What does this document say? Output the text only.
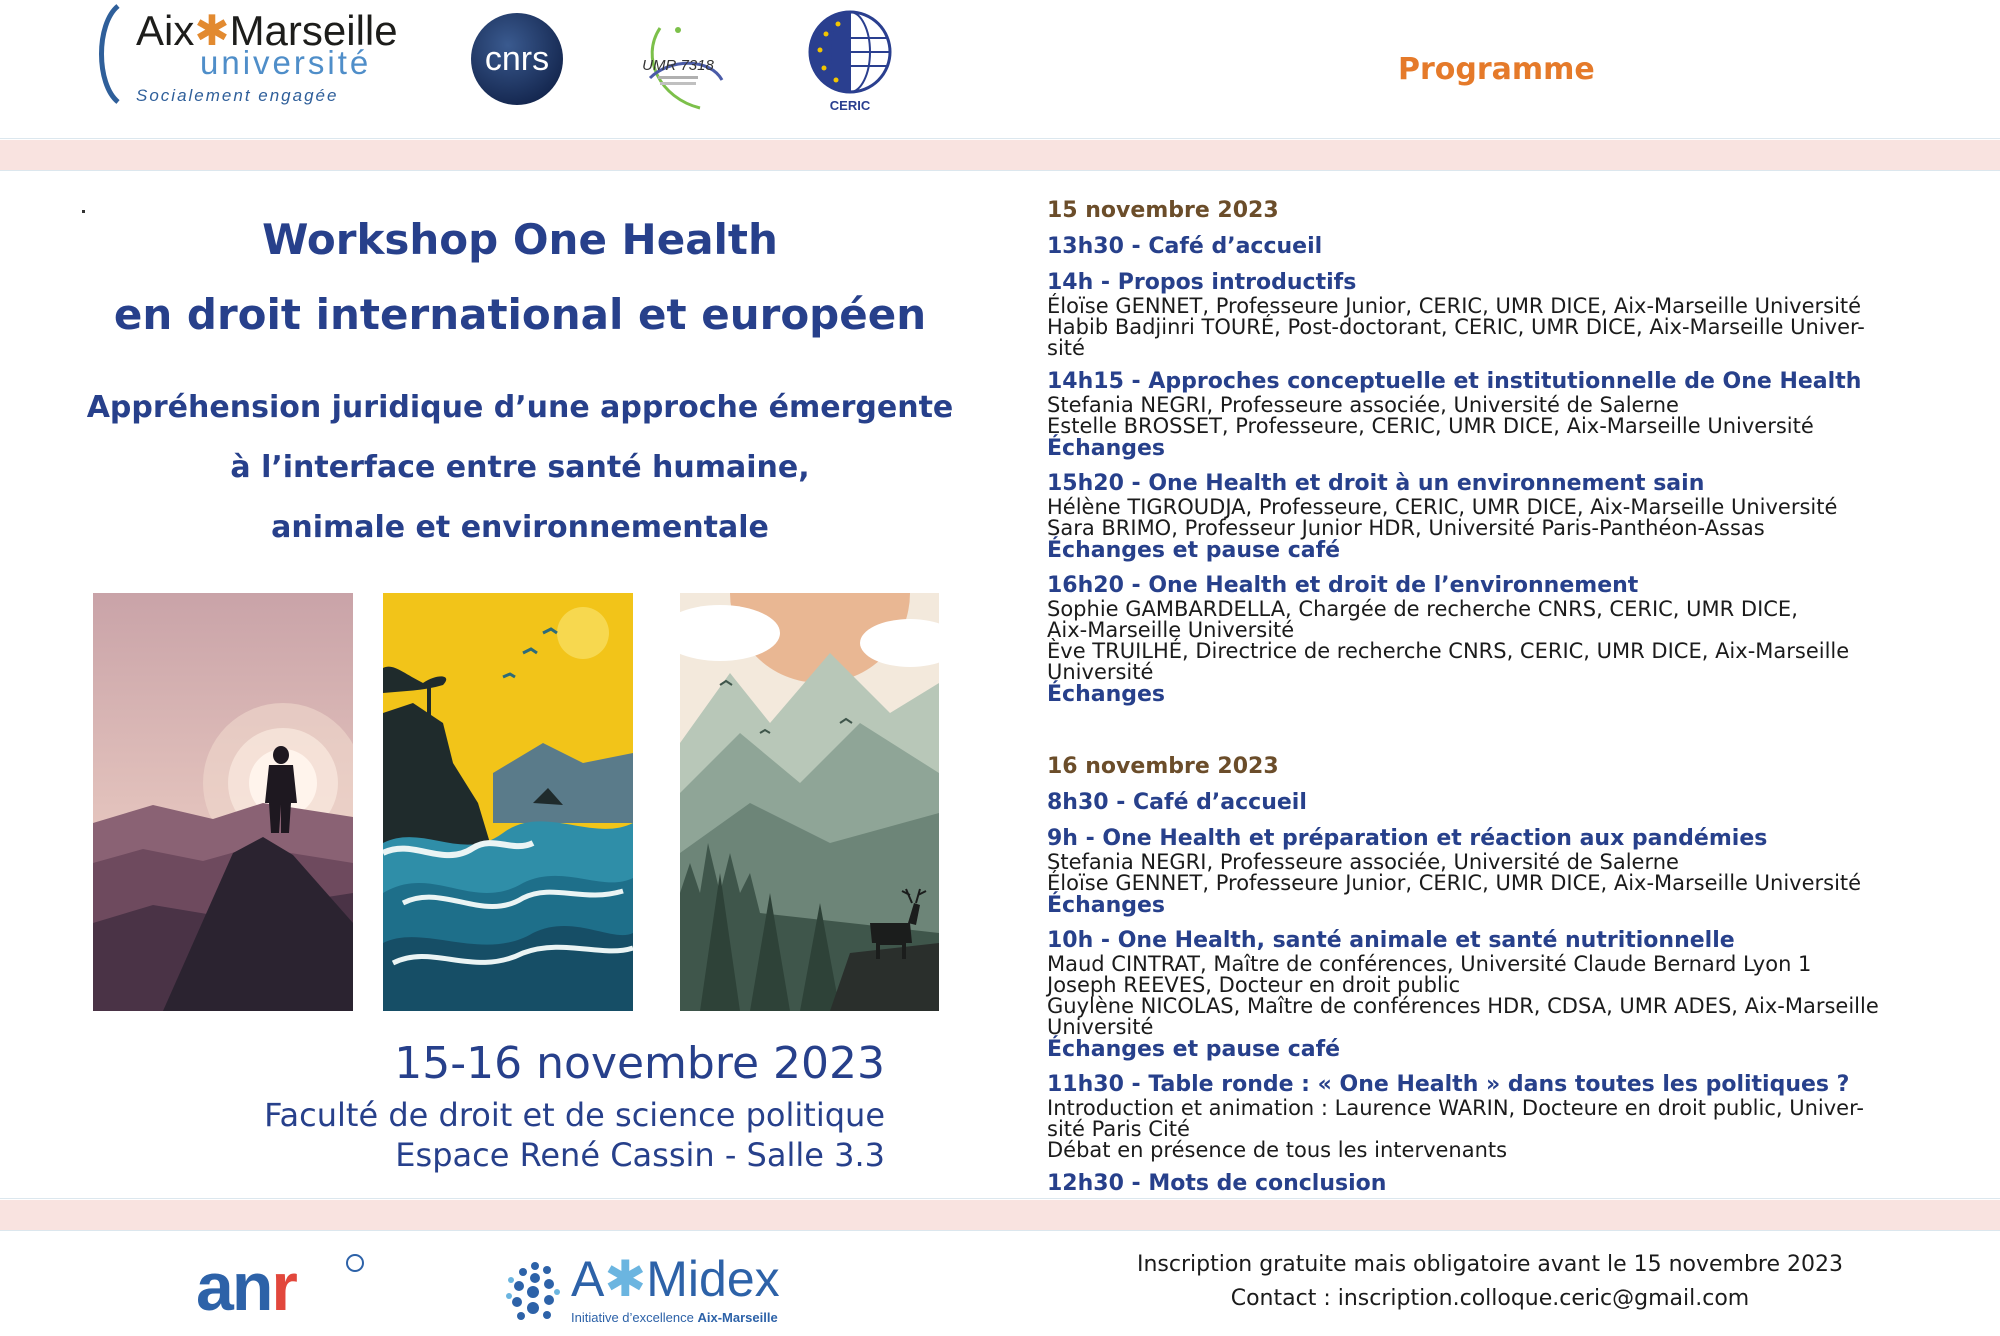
Aix✱Marseille
université
Socialement engagée
cnrs	UMR 7318
CERIC
Programme
Workshop One Health
en droit international et européen
Appréhension juridique d’une approche émergente
à l’interface entre santé humaine,
animale et environnementale
15-16 novembre 2023
Faculté de droit et de science politique
Espace René Cassin - Salle 3.3
15 novembre 2023
13h30 - Café d’accueil
14h - Propos introductifs
Éloïse GENNET, Professeure Junior, CERIC, UMR DICE, Aix-Marseille Université
Habib Badjinri TOURÉ, Post-doctorant, CERIC, UMR DICE, Aix-Marseille Univer-
sité
14h15 - Approches conceptuelle et institutionnelle de One Health
Stefania NEGRI, Professeure associée, Université de Salerne
Estelle BROSSET, Professeure, CERIC, UMR DICE, Aix-Marseille Université
Échanges
15h20 - One Health et droit à un environnement sain
Hélène TIGROUDJA, Professeure, CERIC, UMR DICE, Aix-Marseille Université
Sara BRIMO, Professeur Junior HDR, Université Paris-Panthéon-Assas
Échanges et pause café
16h20 - One Health et droit de l’environnement
Sophie GAMBARDELLA, Chargée de recherche CNRS, CERIC, UMR DICE,
Aix-Marseille Université
Ève TRUILHÉ, Directrice de recherche CNRS, CERIC, UMR DICE, Aix-Marseille
Université
Échanges
16 novembre 2023
8h30 - Café d’accueil
9h - One Health et préparation et réaction aux pandémies
Stefania NEGRI, Professeure associée, Université de Salerne
Éloïse GENNET, Professeure Junior, CERIC, UMR DICE, Aix-Marseille Université
Échanges
10h - One Health, santé animale et santé nutritionnelle
Maud CINTRAT, Maître de conférences, Université Claude Bernard Lyon 1
Joseph REEVES, Docteur en droit public
Guylène NICOLAS, Maître de conférences HDR, CDSA, UMR ADES, Aix-Marseille
Université
Échanges et pause café
11h30 - Table ronde : « One Health » dans toutes les politiques ?
Introduction et animation : Laurence WARIN, Docteure en droit public, Univer-
sité Paris Cité
Débat en présence de tous les intervenants
12h30 - Mots de conclusion
anr	A✱Midex
Initiative d’excellence Aix-Marseille
Inscription gratuite mais obligatoire avant le 15 novembre 2023
Contact : inscription.colloque.ceric@gmail.com
